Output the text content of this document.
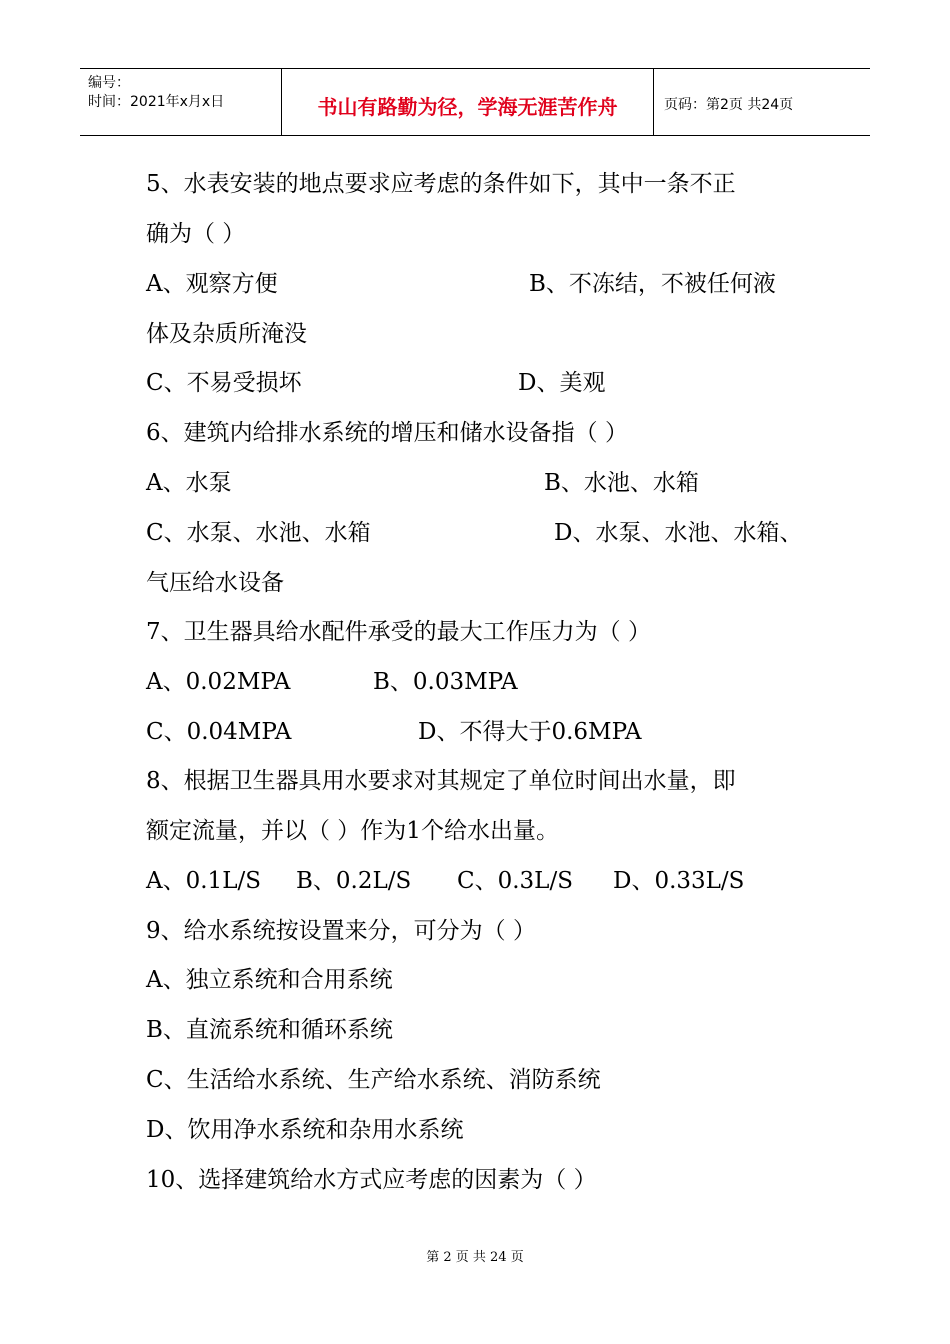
编号：
时间：2021年x月x日	书山有路勤为径，学海无涯苦作舟	页码：第2页 共24页
5、水表安装的地点要求应考虑的条件如下，其中一条不正
确为（ ）
A、观察方便	B、不冻结，不被任何液
体及杂质所淹没
C、不易受损坏	D、美观
6、建筑内给排水系统的增压和储水设备指（ ）
A、水泵	B、水池、水箱
C、水泵、水池、水箱	D、水泵、水池、水箱、
气压给水设备
7、卫生器具给水配件承受的最大工作压力为（ ）
A、0.02MPA	B、0.03MPA
C、0.04MPA	D、不得大于0.6MPA
8、根据卫生器具用水要求对其规定了单位时间出水量，即
额定流量，并以（ ）作为1个给水出量。
A、0.1L/S B、0.2L/S C、0.3L/S D、0.33L/S
9、给水系统按设置来分，可分为（ ）
A、独立系统和合用系统
B、直流系统和循环系统
C、生活给水系统、生产给水系统、消防系统
D、饮用净水系统和杂用水系统
10、选择建筑给水方式应考虑的因素为（ ）
第 2 页 共 24 页
